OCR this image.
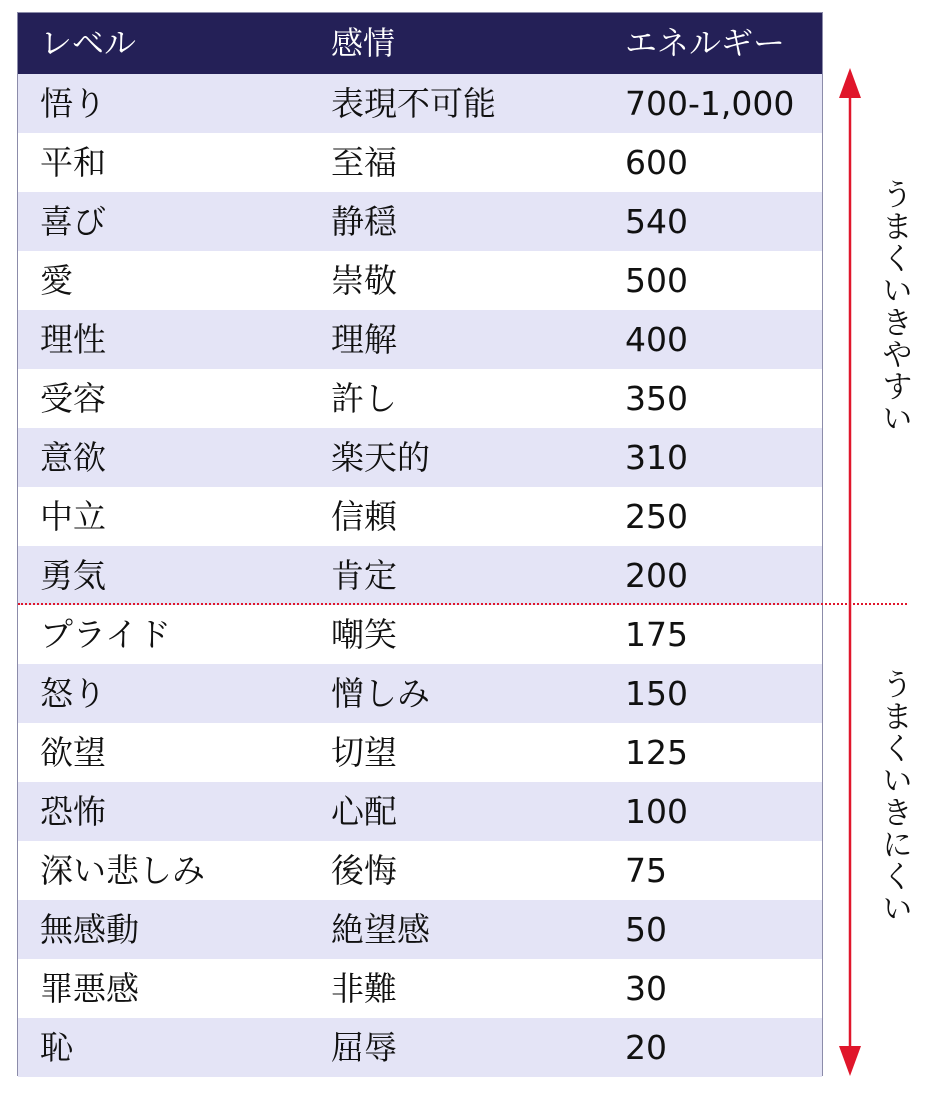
レベル	感情	エネルギー
悟り	表現不可能	700-1,000
平和	至福	600
喜び	静穏	540
愛	崇敬	500
理性	理解	400
受容	許し	350
意欲	楽天的	310
中立	信頼	250
勇気	肯定	200
プライド	嘲笑	175
怒り	憎しみ	150
欲望	切望	125
恐怖	心配	100
深い悲しみ	後悔	75
無感動	絶望感	50
罪悪感	非難	30
恥	屈辱	20
うまくいきやすい
うまくいきにくい
